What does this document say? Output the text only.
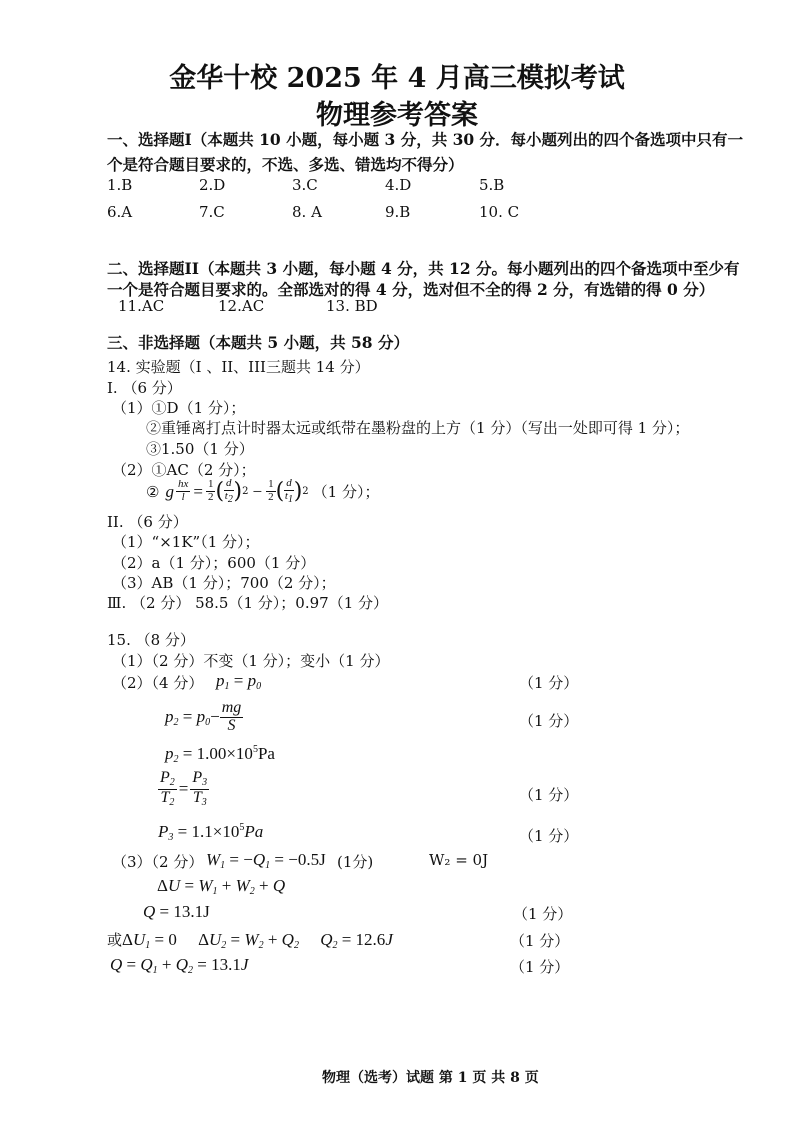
金华十校 2025 年 4 月高三模拟考试
物理参考答案
一、选择题I（本题共 10 小题，每小题 3 分，共 30 分．每小题列出的四个备选项中只有一
个是符合题目要求的，不选、多选、错选均不得分）
1.B	2.D	3.C	4.D	5.B
6.A	7.C	8. A	9.B	10. C
二、选择题II（本题共 3 小题，每小题 4 分，共 12 分。每小题列出的四个备选项中至少有
一个是符合题目要求的。全部选对的得 4 分，选对但不全的得 2 分，有选错的得 0 分）
11.AC	12.AC	13. BD
三、非选择题（本题共 5 小题，共 58 分）
14. 实验题（I 、II、III三题共 14 分）
I. （6 分）
（1）①D（1 分）；
②重锤离打点计时器太远或纸带在墨粉盘的上方（1 分）（写出一处即可得 1 分）；
③1.50（1 分）
（2）①AC（2 分）；
② g $\frac{hx}{l} = \frac{1}{2}$ ( $\frac{d}{t2}$ ) $2 - \frac{1}{2}$ ( $\frac{d}{t1}$ ) 2 （1 分）；
II. （6 分）
（1）“×1K”（1 分）；
（2）a（1 分）；600（1 分）
（3）AB（1 分）；700（2 分）；
Ⅲ. （2 分） 58.5（1 分）；0.97（1 分）
15. （8 分）
（1）（2 分）不变（1 分）；变小（1 分）
（2）（4 分） $p_1 = p_0$	（1 分）
$p_2 = p_0- \frac{mg}{S}$	（1 分）
$p_2 = 1.00\times 10^5Pa$
$\frac{P_2}{T_2} = \frac{P_3}{T_3}$	（1 分）
$P_3 = 1.1\times 10^5Pa$	（1 分）
（3）（2 分） $W_1 = -Q_1 = -0.5J$ (1分)	W₂ = 0J
$\Delta U = W_1 + W_2 + Q$
Q = 13.1J	（1 分）
或$\Delta U_1 = 0$     $\Delta U_2 = W_2 + Q_2$ $Q_2 = 12.6J$	（1 分）
$Q = Q_1 + Q_2 = 13.1J$	（1 分）
物理（选考）试题 第 1 页 共 8 页
